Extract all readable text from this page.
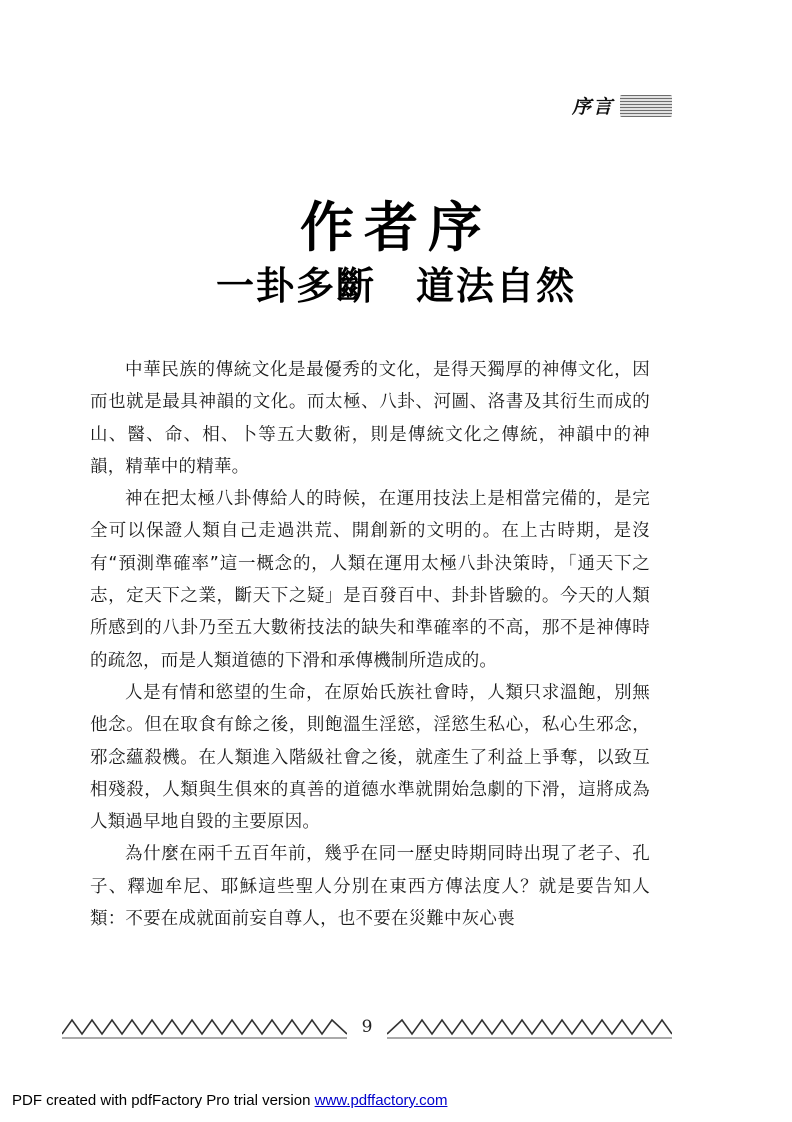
序言
作者序
一卦多斷　道法自然

中華民族的傳統文化是最優秀的文化，是得天獨厚的神傳文化，因而也就是最具神韻的文化。而太極、八卦、河圖、洛書及其衍生而成的山、醫、命、相、卜等五大數術，則是傳統文化之傳統，神韻中的神韻，精華中的精華。

神在把太極八卦傳給人的時候，在運用技法上是相當完備的，是完全可以保證人類自己走過洪荒、開創新的文明的。在上古時期，是沒有“預測準確率”這一概念的，人類在運用太極八卦決策時，「通天下之志，定天下之業，斷天下之疑」是百發百中、卦卦皆驗的。今天的人類所感到的八卦乃至五大數術技法的缺失和準確率的不高，那不是神傳時的疏忽，而是人類道德的下滑和承傳機制所造成的。

人是有情和慾望的生命，在原始氏族社會時，人類只求溫飽，別無他念。但在取食有餘之後，則飽溫生淫慾，淫慾生私心，私心生邪念，邪念蘊殺機。在人類進入階級社會之後，就產生了利益上爭奪，以致互相殘殺，人類與生俱來的真善的道德水準就開始急劇的下滑，這將成為人類過早地自毀的主要原因。

為什麼在兩千五百年前，幾乎在同一歷史時期同時出現了老子、孔子、釋迦牟尼、耶穌這些聖人分別在東西方傳法度人？就是要告知人類：不要在成就面前妄自尊人，也不要在災難中灰心喪

9
PDF created with pdfFactory Pro trial version www.pdffactory.com
